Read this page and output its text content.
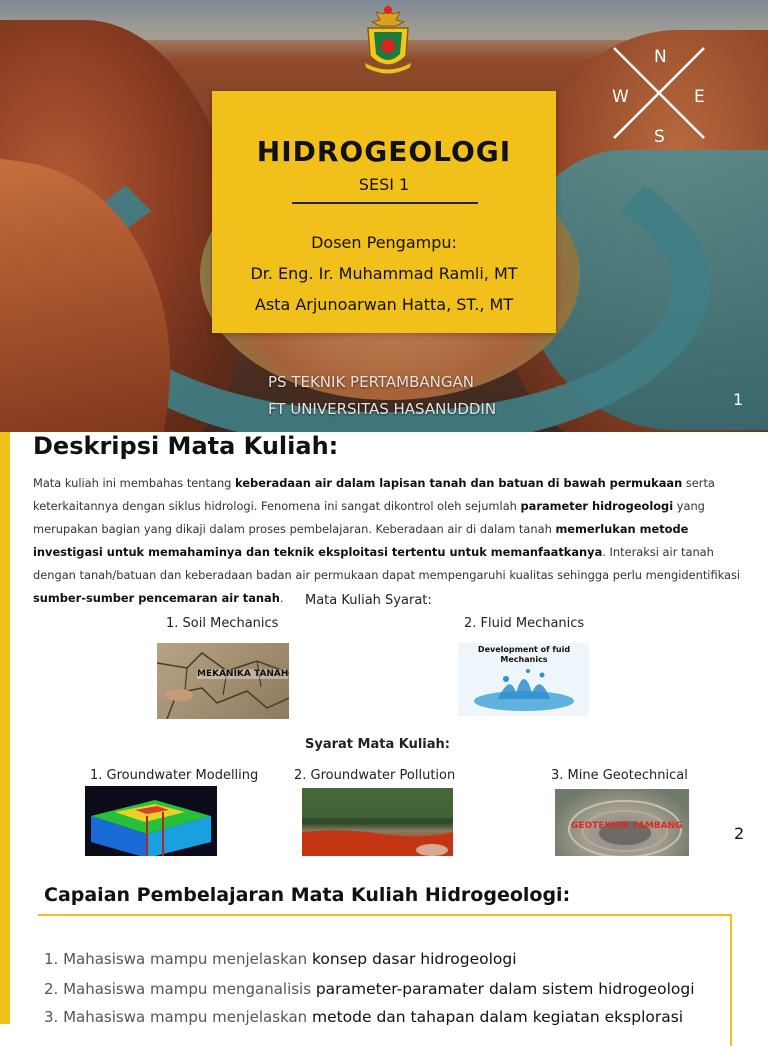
N
W	E
S
HIDROGEOLOGI
SESI 1
Dosen Pengampu:
Dr. Eng. Ir. Muhammad Ramli, MT
Asta Arjunoarwan Hatta, ST., MT
PS TEKNIK PERTAMBANGAN
FT UNIVERSITAS HASANUDDIN	1
Deskripsi Mata Kuliah:
Mata kuliah ini membahas tentang keberadaan air dalam lapisan tanah dan batuan di bawah permukaan serta keterkaitannya dengan siklus hidrologi. Fenomena ini sangat dikontrol oleh sejumlah parameter hidrogeologi yang merupakan bagian yang dikaji dalam proses pembelajaran. Keberadaan air di dalam tanah memerlukan metode investigasi untuk memahaminya dan teknik eksploitasi tertentu untuk memanfaatkanya. Interaksi air tanah dengan tanah/batuan dan keberadaan badan air permukaan dapat mempengaruhi kualitas sehingga perlu mengidentifikasi sumber-sumber pencemaran air tanah.	Mata Kuliah Syarat:
1. Soil Mechanics	2. Fluid Mechanics
MEKANIKA TANAH
Development of fuid Mechanics
Syarat Mata Kuliah:
1. Groundwater Modelling	2. Groundwater Pollution	3. Mine Geotechnical
GEOTEKNIK TAMBANG	2
Capaian Pembelajaran Mata Kuliah Hidrogeologi:
1. Mahasiswa mampu menjelaskan konsep dasar hidrogeologi
2. Mahasiswa mampu menganalisis parameter-paramater dalam sistem hidrogeologi
3. Mahasiswa mampu menjelaskan metode dan tahapan dalam kegiatan eksplorasi
